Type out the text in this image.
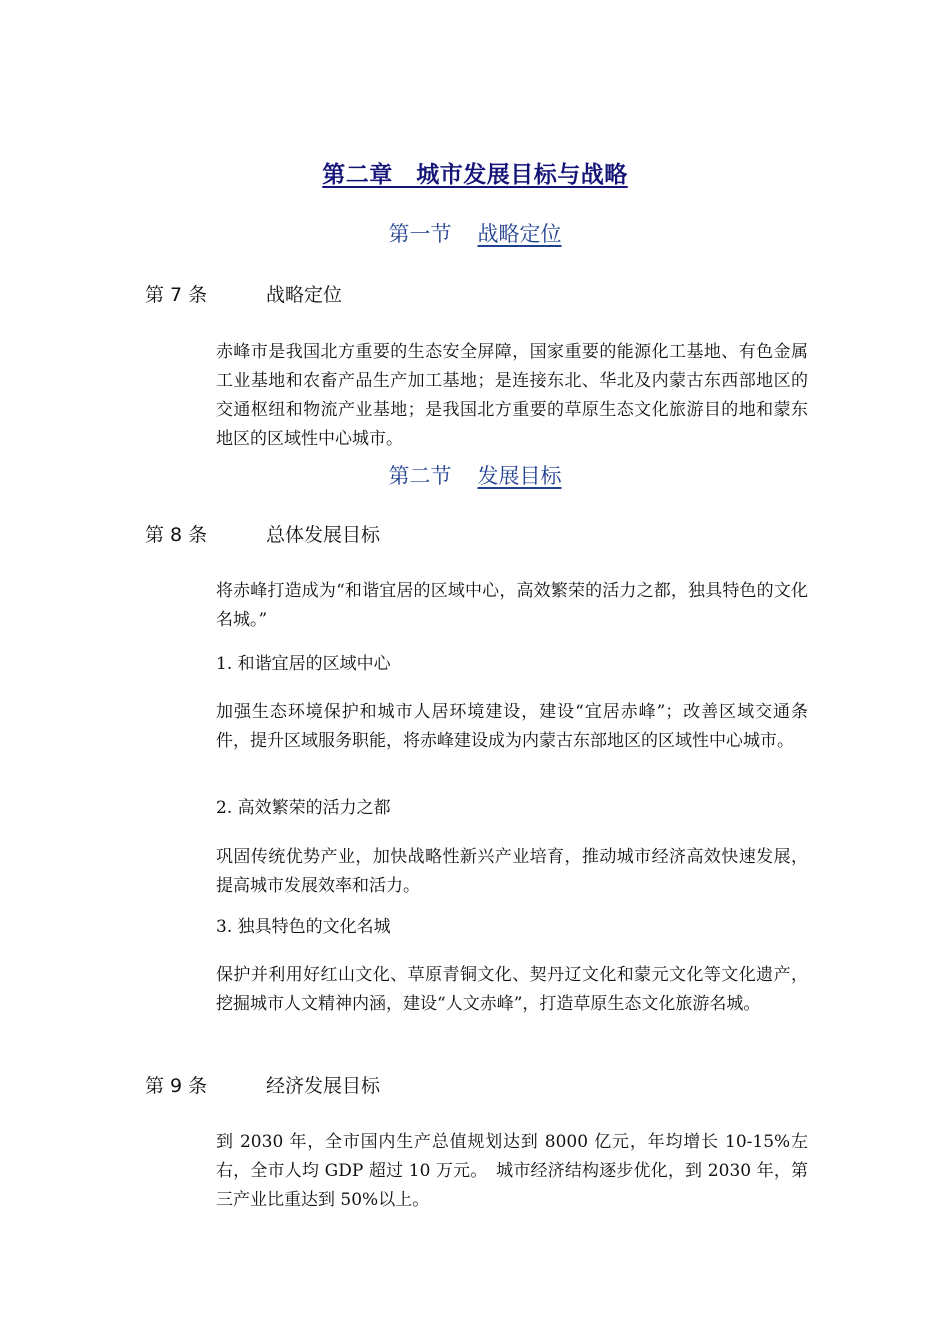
第二章　城市发展目标与战略
第一节 战略定位
第 7 条	战略定位

赤峰市是我国北方重要的生态安全屏障，国家重要的能源化工基地、有色金属工业基地和农畜产品生产加工基地；是连接东北、华北及内蒙古东西部地区的交通枢纽和物流产业基地；是我国北方重要的草原生态文化旅游目的地和蒙东地区的区域性中心城市。

第二节 发展目标
第 8 条	总体发展目标

将赤峰打造成为“和谐宜居的区域中心，高效繁荣的活力之都，独具特色的文化名城。”

1. 和谐宜居的区域中心

加强生态环境保护和城市人居环境建设，建设“宜居赤峰”；改善区域交通条件，提升区域服务职能，将赤峰建设成为内蒙古东部地区的区域性中心城市。

2. 高效繁荣的活力之都

巩固传统优势产业，加快战略性新兴产业培育，推动城市经济高效快速发展，提高城市发展效率和活力。

3. 独具特色的文化名城

保护并利用好红山文化、草原青铜文化、契丹辽文化和蒙元文化等文化遗产，挖掘城市人文精神内涵，建设“人文赤峰”，打造草原生态文化旅游名城。

第 9 条	经济发展目标

到 2030 年，全市国内生产总值规划达到 8000 亿元，年均增长 10-15%左右，全市人均 GDP 超过 10 万元。　城市经济结构逐步优化，到 2030 年，第三产业比重达到 50%以上。
